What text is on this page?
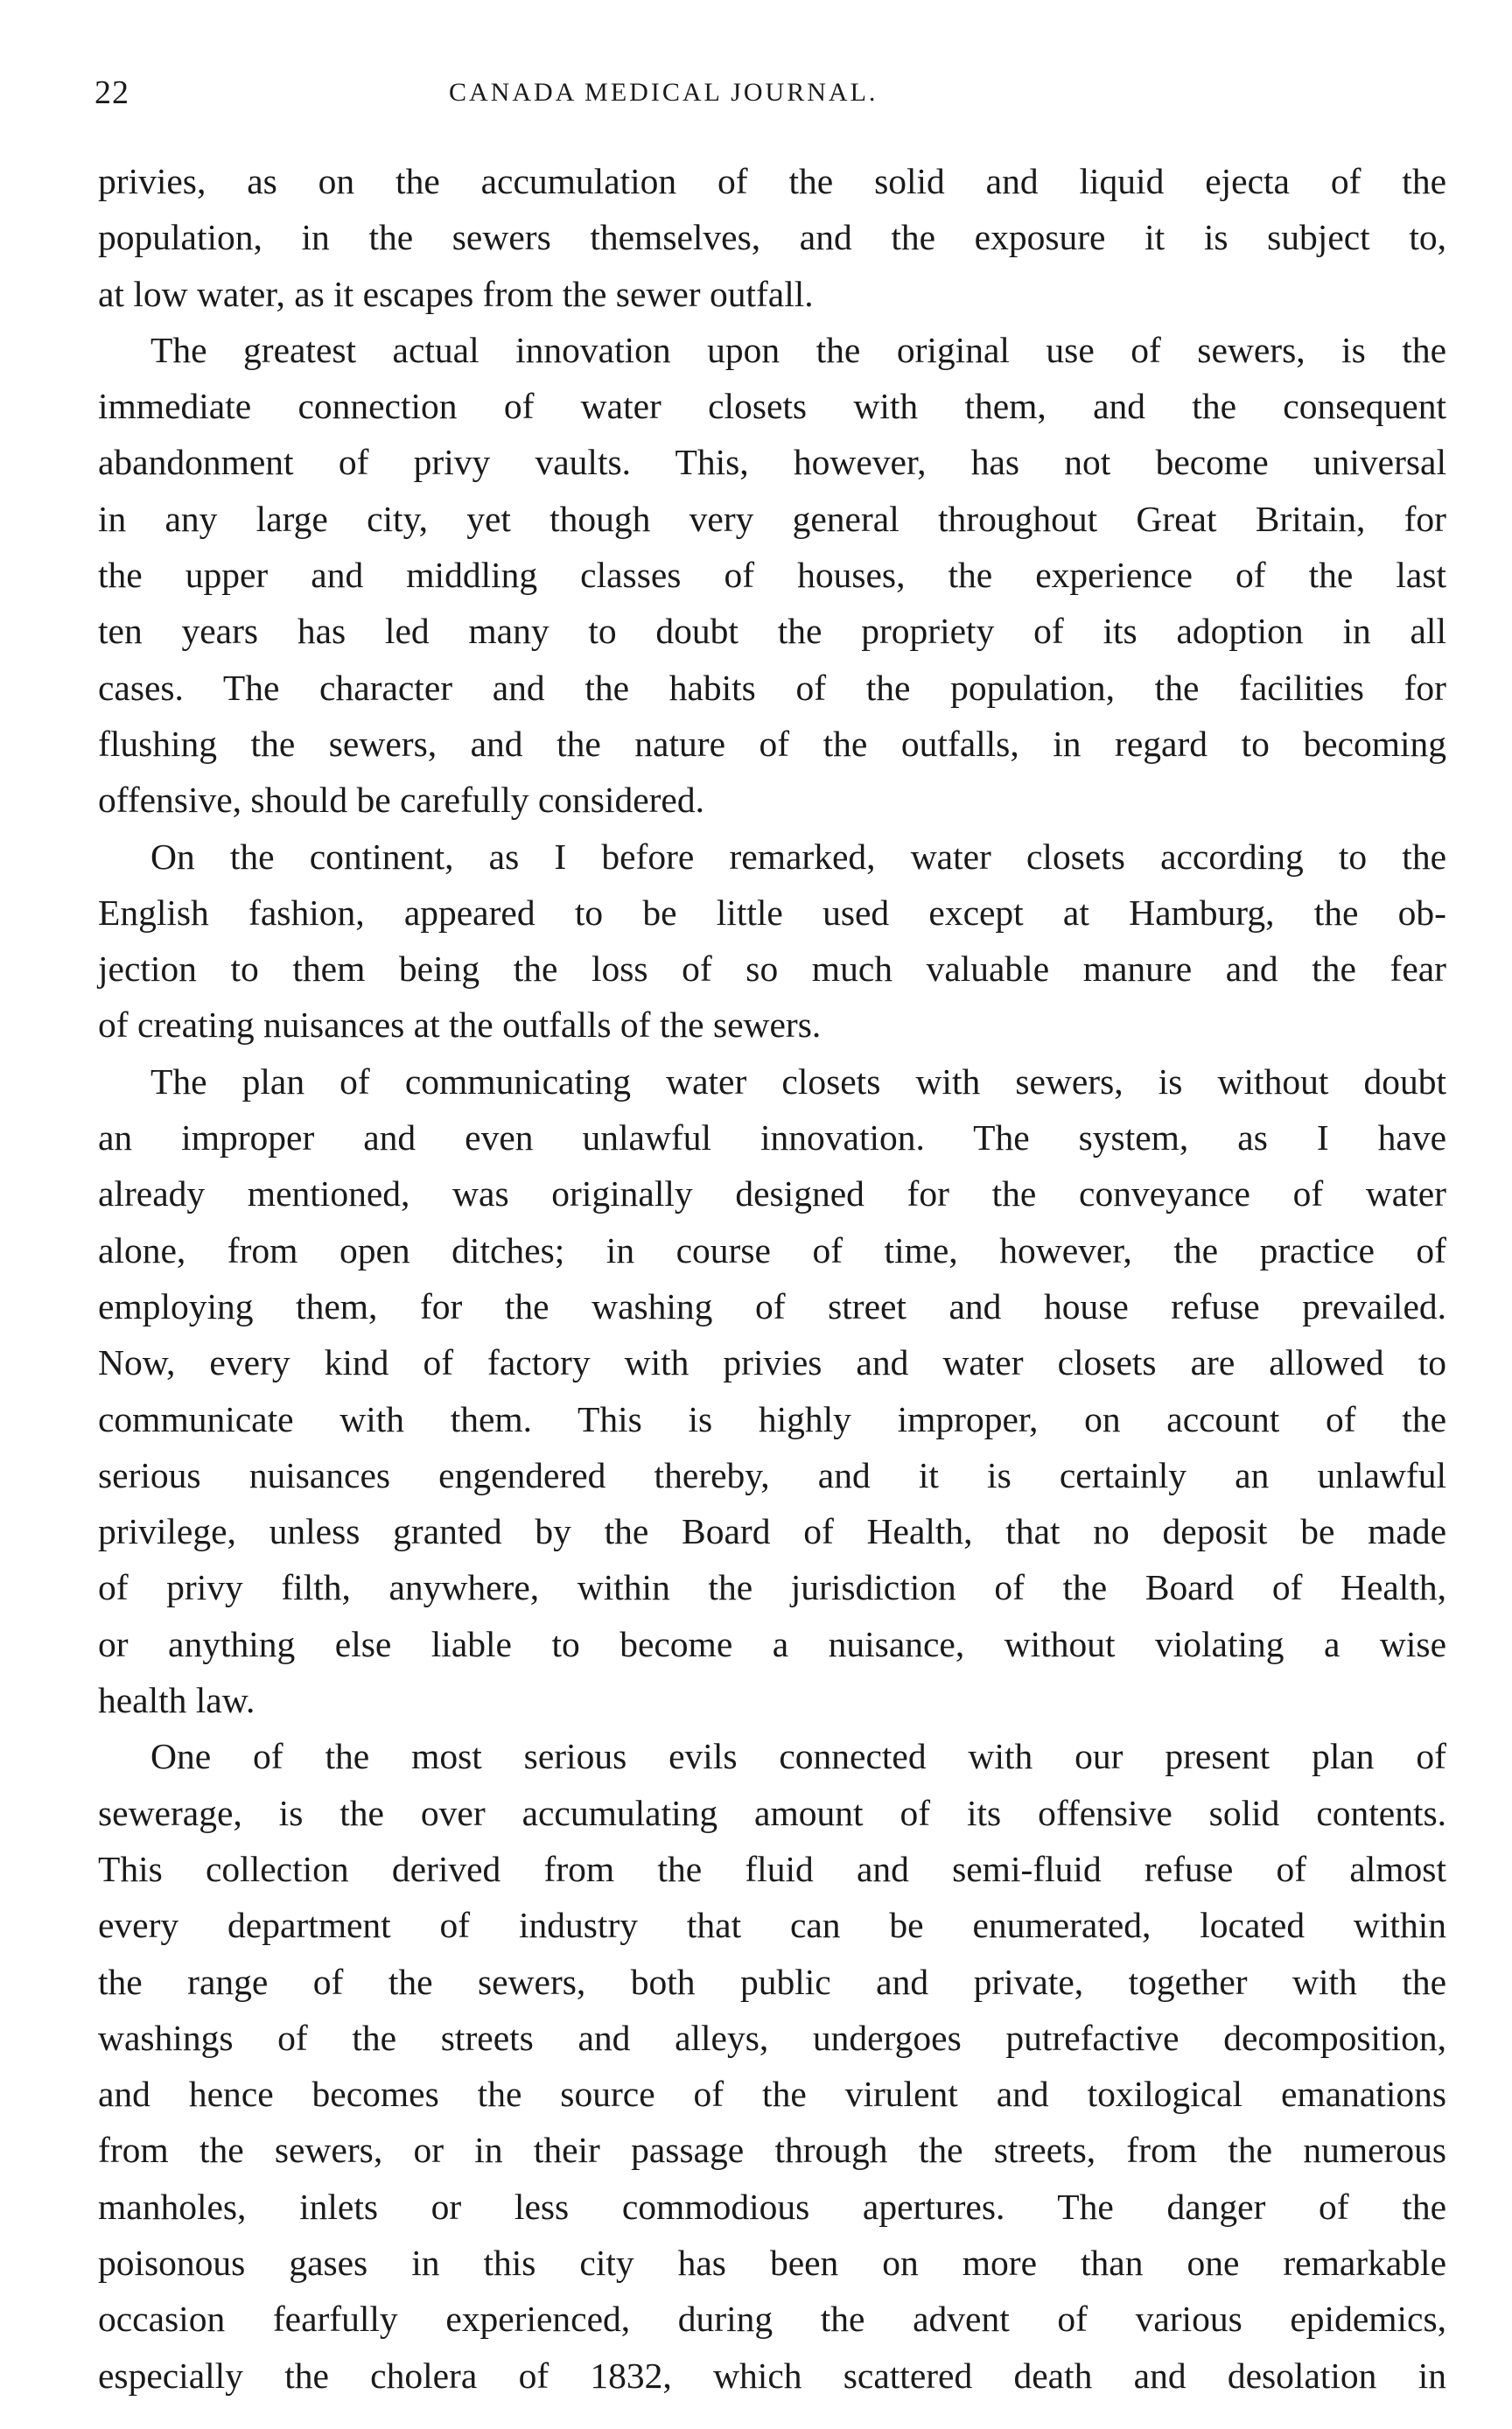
22	CANADA MEDICAL JOURNAL.
privies, as on the accumulation of the solid and liquid ejecta of the
population, in the sewers themselves, and the exposure it is subject to,
at low water, as it escapes from the sewer outfall.
The greatest actual innovation upon the original use of sewers, is the
immediate connection of water closets with them, and the consequent
abandonment of privy vaults. This, however, has not become universal
in any large city, yet though very general throughout Great Britain, for
the upper and middling classes of houses, the experience of the last
ten years has led many to doubt the propriety of its adoption in all
cases. The character and the habits of the population, the facilities for
flushing the sewers, and the nature of the outfalls, in regard to becoming
offensive, should be carefully considered.
On the continent, as I before remarked, water closets according to the
English fashion, appeared to be little used except at Hamburg, the ob-
jection to them being the loss of so much valuable manure and the fear
of creating nuisances at the outfalls of the sewers.
The plan of communicating water closets with sewers, is without doubt
an improper and even unlawful innovation. The system, as I have
already mentioned, was originally designed for the conveyance of water
alone, from open ditches; in course of time, however, the practice of
employing them, for the washing of street and house refuse prevailed.
Now, every kind of factory with privies and water closets are allowed to
communicate with them. This is highly improper, on account of the
serious nuisances engendered thereby, and it is certainly an unlawful
privilege, unless granted by the Board of Health, that no deposit be made
of privy filth, anywhere, within the jurisdiction of the Board of Health,
or anything else liable to become a nuisance, without violating a wise
health law.
One of the most serious evils connected with our present plan of
sewerage, is the over accumulating amount of its offensive solid contents.
This collection derived from the fluid and semi-fluid refuse of almost
every department of industry that can be enumerated, located within
the range of the sewers, both public and private, together with the
washings of the streets and alleys, undergoes putrefactive decomposition,
and hence becomes the source of the virulent and toxilogical emanations
from the sewers, or in their passage through the streets, from the numerous
manholes, inlets or less commodious apertures. The danger of the
poisonous gases in this city has been on more than one remarkable
occasion fearfully experienced, during the advent of various epidemics,
especially the cholera of 1832, which scattered death and desolation in
